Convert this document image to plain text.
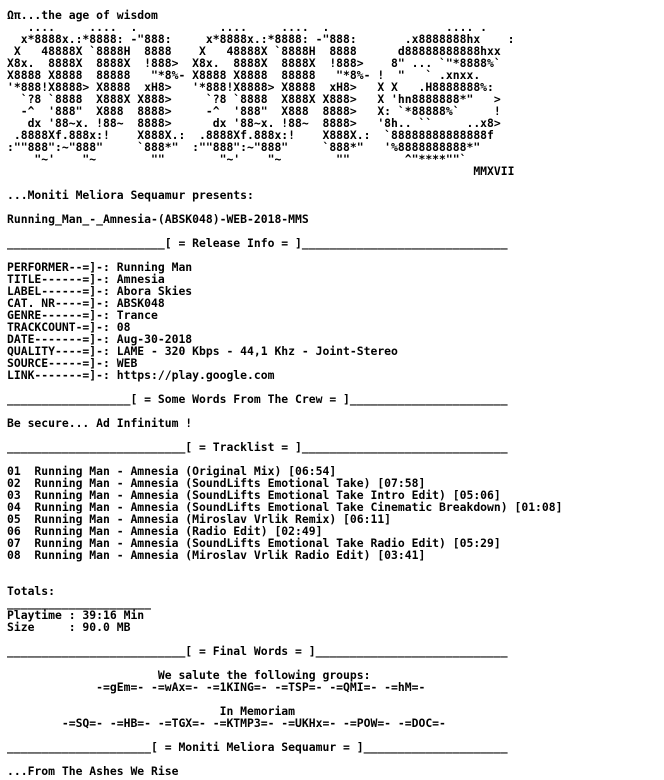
Ωπ...the age of wisdom
....     ....  .            ....     ....  .                 .... .
x*8888x.:*8888: -"888:     x*8888x.:*8888: -"888:       .x8888888hx    :
X   48888X `8888H  8888    X   48888X `8888H  8888      d88888888888hxx
X8x.  8888X  8888X  !888>  X8x.  8888X  8888X  !888>    8" ... `"*8888%`
X8888 X8888  88888   "*8%- X8888 X8888  88888   "*8%- !  "   ` .xnxx.
'*888!X8888> X8888  xH8>   '*888!X8888> X8888  xH8>   X X   .H8888888%:
`?8 `8888  X888X X888>     `?8 `8888  X888X X888>   X 'hn8888888*"   >
-^  '888"  X888  8888>     -^  '888"  X888  8888>   X: `*88888%`     !
dx '88~x. !88~  8888>      dx '88~x. !88~  8888>   '8h.. ``     ..x8>
.8888Xf.888x:!    X888X.:  .8888Xf.888x:!    X888X.:  `88888888888888f
:""888":~"888"     `888*"  :""888":~"888"     `888*"   '%8888888888*"
"~'    "~        ""        "~'    "~        ""        ^"****""`
MMXVII
...Moniti Meliora Sequamur presents:
Running_Man_-_Amnesia-(ABSK048)-WEB-2018-MMS
_______________________[ = Release Info = ]______________________________
PERFORMER--=]-: Running Man
TITLE------=]-: Amnesia
LABEL------=]-: Abora Skies
CAT. NR----=]-: ABSK048
GENRE------=]-: Trance
TRACKCOUNT-=]-: 08
DATE-------=]-: Aug-30-2018
QUALITY----=]-: LAME - 320 Kbps - 44,1 Khz - Joint-Stereo
SOURCE-----=]-: WEB
LINK-------=]-: https://play.google.com
__________________[ = Some Words From The Crew = ]_______________________
Be secure... Ad Infinitum !
__________________________[ = Tracklist = ]______________________________
01  Running Man - Amnesia (Original Mix) [06:54]
02  Running Man - Amnesia (SoundLifts Emotional Take) [07:58]
03  Running Man - Amnesia (SoundLifts Emotional Take Intro Edit) [05:06]
04  Running Man - Amnesia (SoundLifts Emotional Take Cinematic Breakdown) [01:08]
05  Running Man - Amnesia (Miroslav Vrlik Remix) [06:11]
06  Running Man - Amnesia (Radio Edit) [02:49]
07  Running Man - Amnesia (SoundLifts Emotional Take Radio Edit) [05:29]
08  Running Man - Amnesia (Miroslav Vrlik Radio Edit) [03:41]
Totals:
_____________________
Playtime : 39:16 Min
Size     : 90.0 MB
__________________________[ = Final Words = ]____________________________
We salute the following groups:
-=gEm=- -=wAx=- -=1KING=- -=TSP=- -=QMI=- -=hM=-
In Memoriam
-=SQ=- -=HB=- -=TGX=- -=KTMP3=- -=UKHx=- -=POW=- -=DOC=-
_____________________[ = Moniti Meliora Sequamur = ]_____________________
...From The Ashes We Rise
